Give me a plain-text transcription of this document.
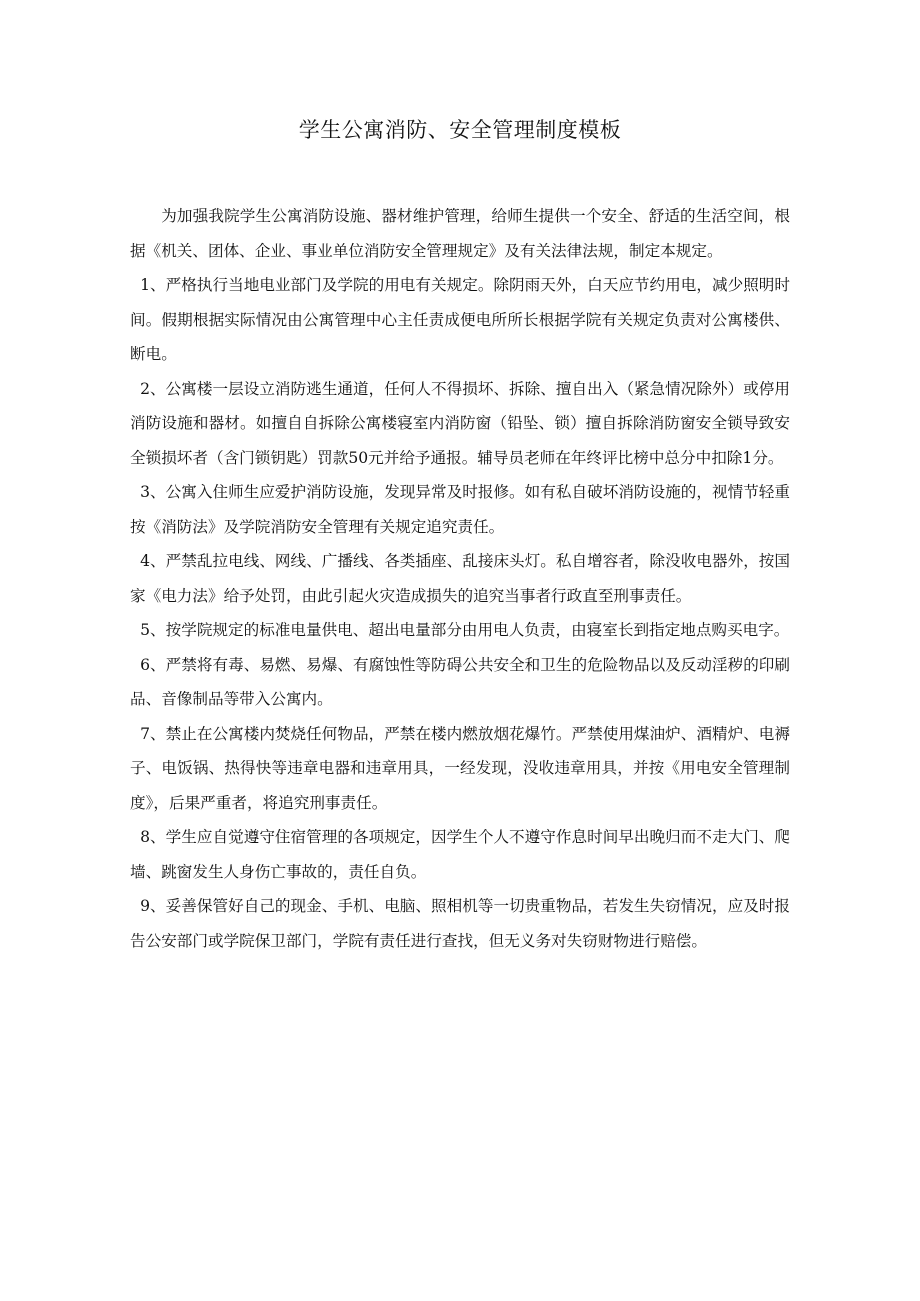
学生公寓消防、安全管理制度模板

为加强我院学生公寓消防设施、器材维护管理，给师生提供一个安全、舒适的生活空间，根据《机关、团体、企业、事业单位消防安全管理规定》及有关法律法规，制定本规定。

1、严格执行当地电业部门及学院的用电有关规定。除阴雨天外，白天应节约用电，减少照明时间。假期根据实际情况由公寓管理中心主任责成便电所所长根据学院有关规定负责对公寓楼供、断电。

2、公寓楼一层设立消防逃生通道，任何人不得损坏、拆除、擅自出入（紧急情况除外）或停用消防设施和器材。如擅自自拆除公寓楼寝室内消防窗（铅坠、锁）擅自拆除消防窗安全锁导致安全锁损坏者（含门锁钥匙）罚款50元并给予通报。辅导员老师在年终评比榜中总分中扣除1分。

3、公寓入住师生应爱护消防设施，发现异常及时报修。如有私自破坏消防设施的，视情节轻重按《消防法》及学院消防安全管理有关规定追究责任。

4、严禁乱拉电线、网线、广播线、各类插座、乱接床头灯。私自增容者，除没收电器外，按国家《电力法》给予处罚，由此引起火灾造成损失的追究当事者行政直至刑事责任。

5、按学院规定的标准电量供电、超出电量部分由用电人负责，由寝室长到指定地点购买电字。

6、严禁将有毒、易燃、易爆、有腐蚀性等防碍公共安全和卫生的危险物品以及反动淫秽的印刷品、音像制品等带入公寓内。

7、禁止在公寓楼内焚烧任何物品，严禁在楼内燃放烟花爆竹。严禁使用煤油炉、酒精炉、电褥子、电饭锅、热得快等违章电器和违章用具，一经发现，没收违章用具，并按《用电安全管理制度》，后果严重者，将追究刑事责任。

8、学生应自觉遵守住宿管理的各项规定，因学生个人不遵守作息时间早出晚归而不走大门、爬墙、跳窗发生人身伤亡事故的，责任自负。

9、妥善保管好自己的现金、手机、电脑、照相机等一切贵重物品，若发生失窃情况，应及时报告公安部门或学院保卫部门，学院有责任进行查找，但无义务对失窃财物进行赔偿。
